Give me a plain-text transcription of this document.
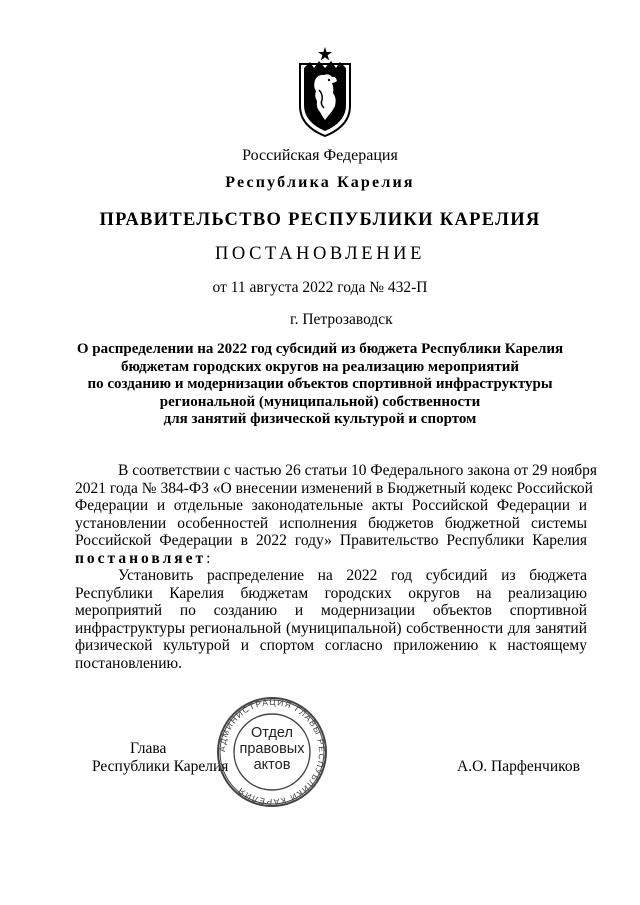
Российская Федерация
Республика Карелия
ПРАВИТЕЛЬСТВО РЕСПУБЛИКИ КАРЕЛИЯ
ПОСТАНОВЛЕНИЕ
от 11 августа 2022 года № 432-П
г. Петрозаводск
О распределении на 2022 год субсидий из бюджета Республики Карелия
бюджетам городских округов на реализацию мероприятий
по созданию и модернизации объектов спортивной инфраструктуры
региональной (муниципальной) собственности
для занятий физической культурой и спортом
В соответствии с частью 26 статьи 10 Федерального закона от 29 ноября
2021 года № 384-ФЗ «О внесении изменений в Бюджетный кодекс Российской
Федерации и отдельные законодательные акты Российской Федерации и
установлении особенностей исполнения бюджетов бюджетной системы
Российской Федерации в 2022 году» Правительство Республики Карелия
постановляет:
Установить распределение на 2022 год субсидий из бюджета
Республики Карелия бюджетам городских округов на реализацию
мероприятий по созданию и модернизации объектов спортивной
инфраструктуры региональной (муниципальной) собственности для занятий
физической культурой и спортом согласно приложению к настоящему
постановлению.
Глава
Республики Карелия	А.О. Парфенчиков
АДМИНИСТРАЦИЯ ГЛАВЫ РЕСПУБЛИКИ КАРЕЛИЯ
Отдел
правовых
актов
